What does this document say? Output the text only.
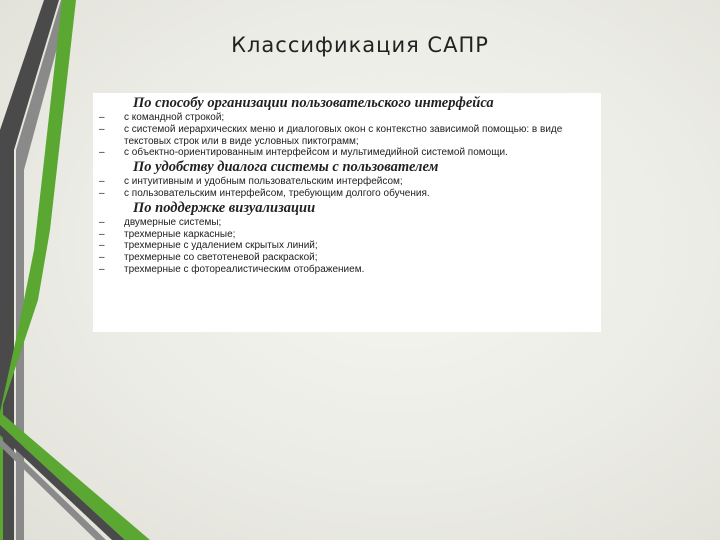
Классификация САПР
По способу организации пользовательского интерфейса
– с командной строкой;
– с системой иерархических меню и диалоговых окон с контекстно зависимой помощью: в виде текстовых строк или в виде условных пиктограмм;
– с объектно-ориентированным интерфейсом и мультимедийной системой помощи.
По удобству диалога системы с пользователем
– с интуитивным и удобным пользовательским интерфейсом;
– с пользовательским интерфейсом, требующим долгого обучения.
По поддержке визуализации
– двумерные системы;
– трехмерные каркасные;
– трехмерные с удалением скрытых линий;
– трехмерные со светотеневой раскраской;
– трехмерные с фотореалистическим отображением.
